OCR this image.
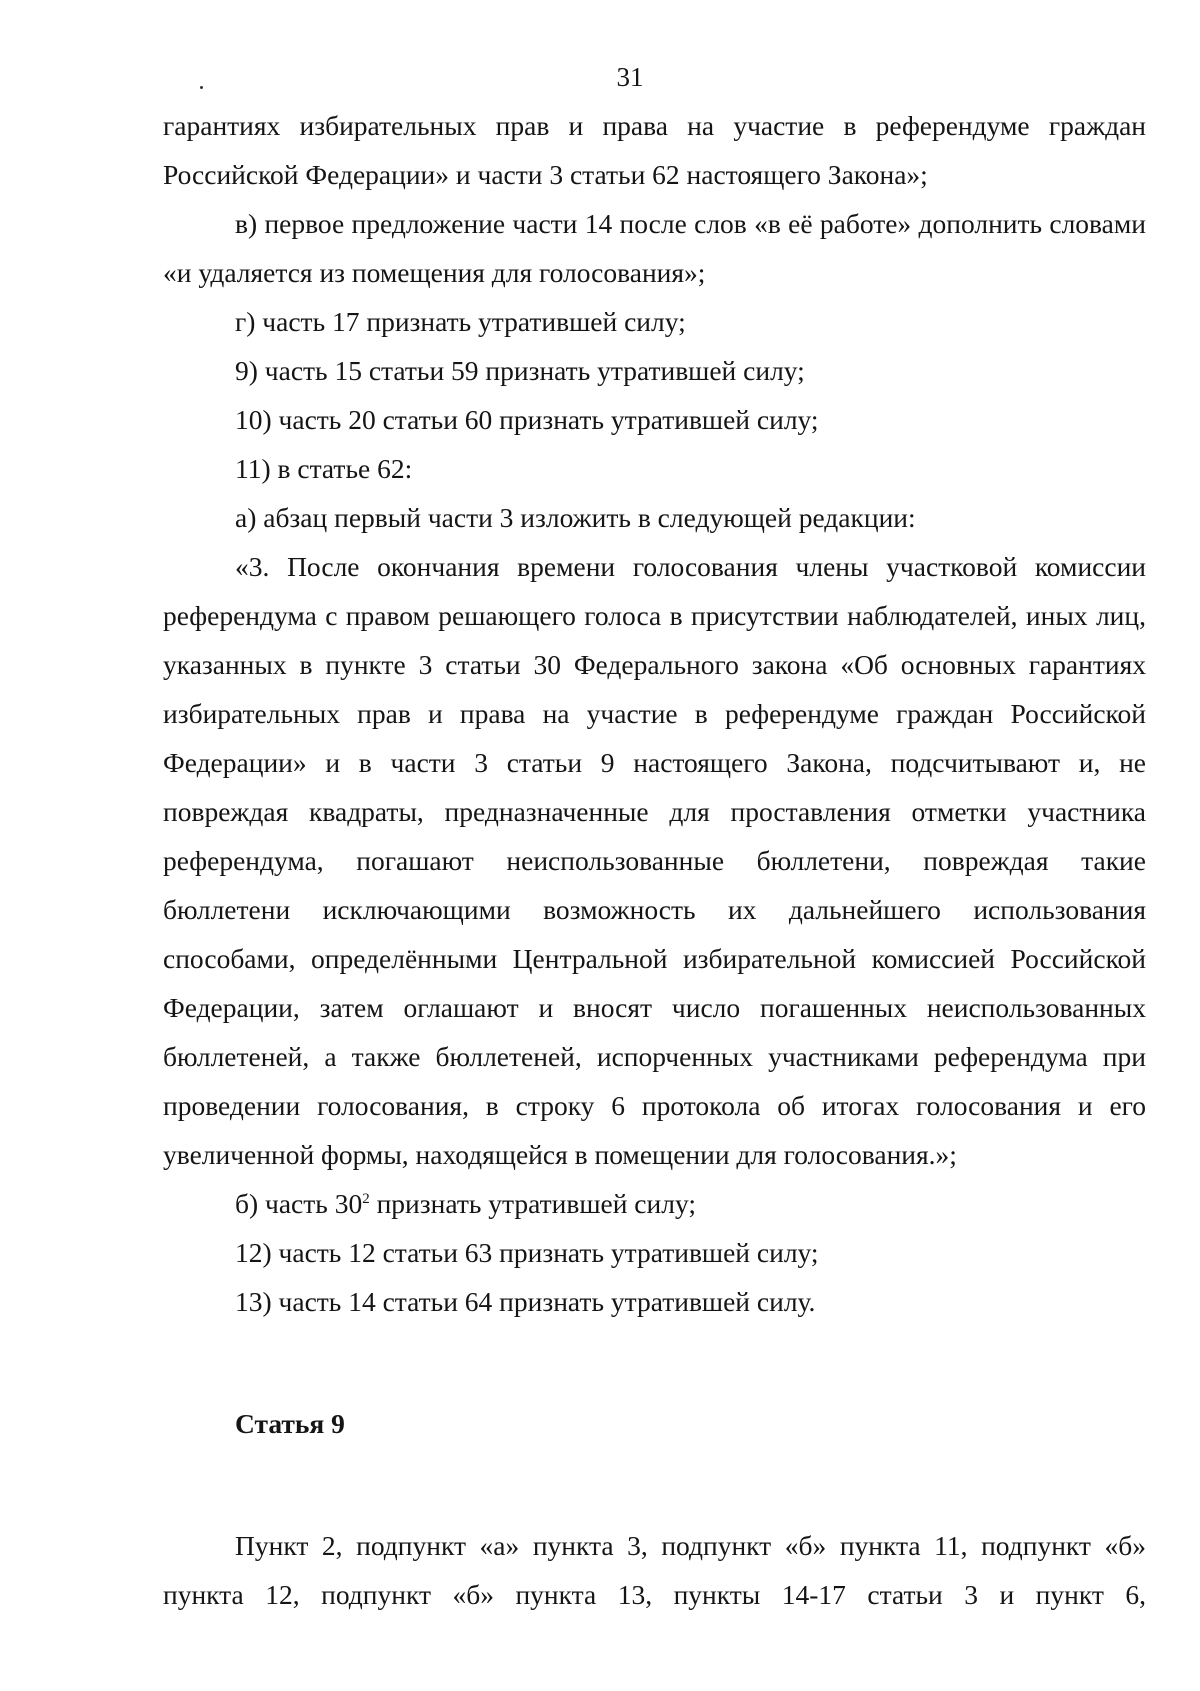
31

гарантиях избирательных прав и права на участие в референдуме граждан Российской Федерации» и части 3 статьи 62 настоящего Закона»;

в) первое предложение части 14 после слов «в её работе» дополнить словами «и удаляется из помещения для голосования»;

г) часть 17 признать утратившей силу;

9) часть 15 статьи 59 признать утратившей силу;

10) часть 20 статьи 60 признать утратившей силу;

11) в статье 62:

а) абзац первый части 3 изложить в следующей редакции:

«3. После окончания времени голосования члены участковой комиссии референдума с правом решающего голоса в присутствии наблюдателей, иных лиц, указанных в пункте 3 статьи 30 Федерального закона «Об основных гарантиях избирательных прав и права на участие в референдуме граждан Российской Федерации» и в части 3 статьи 9 настоящего Закона, подсчитывают и, не повреждая квадраты, предназначенные для проставления отметки участника референдума, погашают неиспользованные бюллетени, повреждая такие бюллетени исключающими возможность их дальнейшего использования способами, определёнными Центральной избирательной комиссией Российской Федерации, затем оглашают и вносят число погашенных неиспользованных бюллетеней, а также бюллетеней, испорченных участниками референдума при проведении голосования, в строку 6 протокола об итогах голосования и его увеличенной формы, находящейся в помещении для голосования.»;

б) часть $30^2$ признать утратившей силу;

12) часть 12 статьи 63 признать утратившей силу;

13) часть 14 статьи 64 признать утратившей силу.

Статья 9

Пункт 2, подпункт «а» пункта 3, подпункт «б» пункта 11, подпункт «б» пункта 12, подпункт «б» пункта 13, пункты 14-17 статьи 3 и пункт 6,
